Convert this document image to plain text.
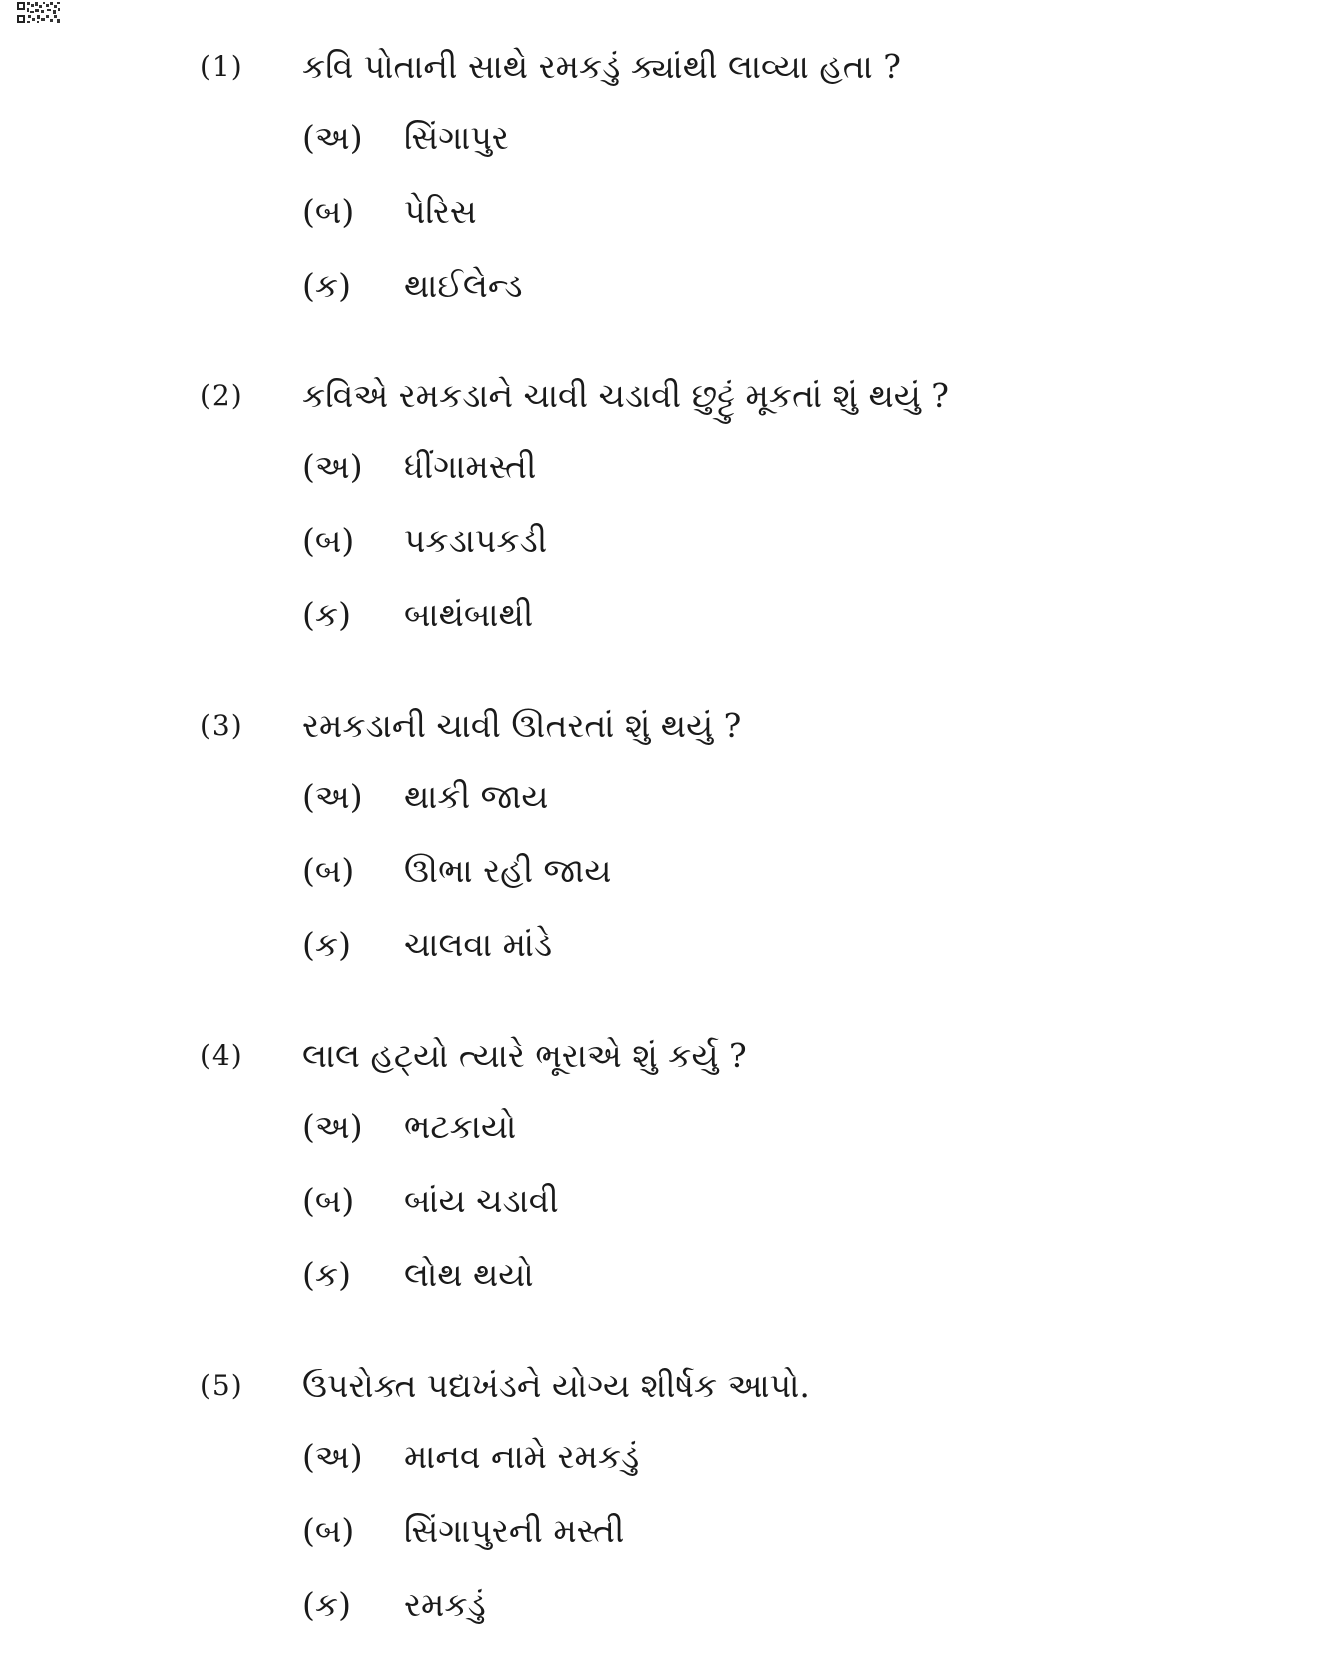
(1) કવિ પોતાની સાથે રમકડું ક્યાંથી લાવ્યા હતા ?
(અ) સિંગાપુર
(બ) પેરિસ
(ક) થાઈલેન્ડ
(2) કવિએ રમકડાને ચાવી ચડાવી છુટ્ટું મૂકતાં શું થયું ?
(અ) ધીંગામસ્તી
(બ) પકડાપકડી
(ક) બાથંબાથી
(3) રમકડાની ચાવી ઊતરતાં શું થયું ?
(અ) થાકી જાય
(બ) ઊભા રહી જાય
(ક) ચાલવા માંડે
(4) લાલ હટ્યો ત્યારે ભૂરાએ શું કર્યુ ?
(અ) ભટકાયો
(બ) બાંય ચડાવી
(ક) લોથ થયો
(5) ઉપરોક્ત પદ્યખંડને યોગ્ય શીર્ષક આપો.
(અ) માનવ નામે રમકડું
(બ) સિંગાપુરની મસ્તી
(ક) રમકડું
